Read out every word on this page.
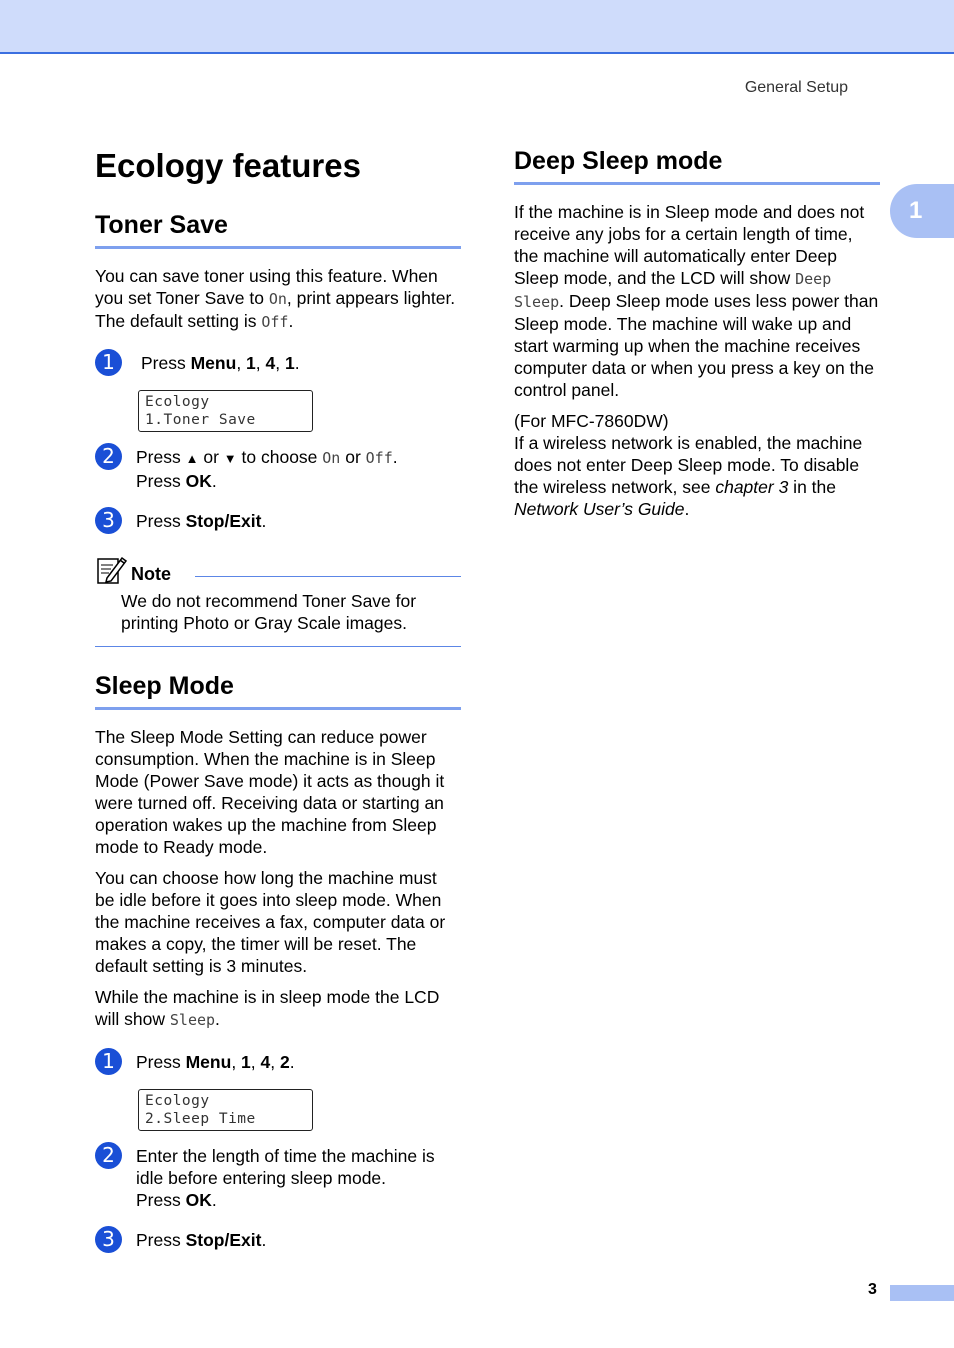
General Setup
1
Ecology features
Toner Save

You can save toner using this feature. When you set Toner Save to On, print appears lighter. The default setting is Off.

1	Press Menu, 1, 4, 1.
Ecology
1.Toner Save
2	Press ▲ or ▼ to choose On or Off.
Press OK.
3	Press Stop/Exit.
Note

We do not recommend Toner Save for printing Photo or Gray Scale images.

Sleep Mode

The Sleep Mode Setting can reduce power consumption. When the machine is in Sleep Mode (Power Save mode) it acts as though it were turned off. Receiving data or starting an operation wakes up the machine from Sleep mode to Ready mode.

You can choose how long the machine must be idle before it goes into sleep mode. When the machine receives a fax, computer data or makes a copy, the timer will be reset. The default setting is 3 minutes.

While the machine is in sleep mode the LCD will show Sleep.

1	Press Menu, 1, 4, 2.
Ecology
2.Sleep Time
2	Enter the length of time the machine is idle before entering sleep mode.
Press OK.
3	Press Stop/Exit.
Deep Sleep mode

If the machine is in Sleep mode and does not receive any jobs for a certain length of time, the machine will automatically enter Deep Sleep mode, and the LCD will show Deep Sleep. Deep Sleep mode uses less power than Sleep mode. The machine will wake up and start warming up when the machine receives computer data or when you press a key on the control panel.

(For MFC-7860DW)

If a wireless network is enabled, the machine does not enter Deep Sleep mode. To disable the wireless network, see chapter 3 in the Network User’s Guide.

3
